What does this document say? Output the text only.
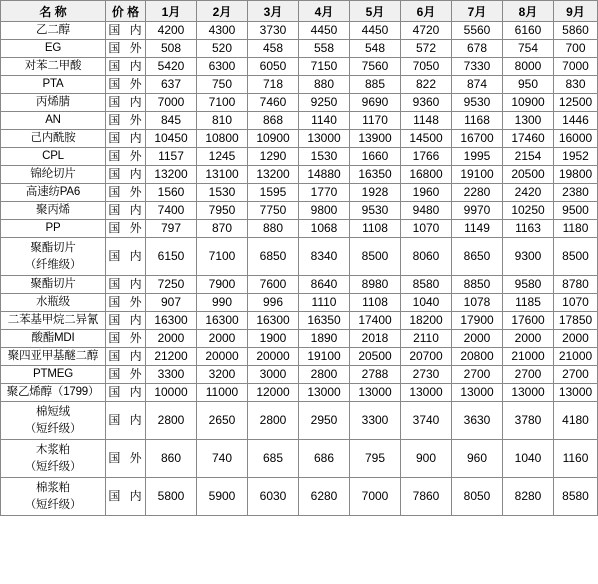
名 称	价 格	1月	2月	3月	4月	5月	6月	7月	8月	9月

乙二醇	国 内	4200	4300	3730	4450	4450	4720	5560	6160	5860

EG	国 外	508	520	458	558	548	572	678	754	700

对苯二甲酸	国 内	5420	6300	6050	7150	7560	7050	7330	8000	7000

PTA	国 外	637	750	718	880	885	822	874	950	830

丙烯腈	国 内	7000	7100	7460	9250	9690	9360	9530	10900	12500

AN	国 外	845	810	868	1140	1170	1148	1168	1300	1446

己内酰胺	国 内	10450	10800	10900	13000	13900	14500	16700	17460	16000

CPL	国 外	1157	1245	1290	1530	1660	1766	1995	2154	1952

锦纶切片	国 内	13200	13100	13200	14880	16350	16800	19100	20500	19800

高速纺PA6	国 外	1560	1530	1595	1770	1928	1960	2280	2420	2380

聚丙烯	国 内	7400	7950	7750	9800	9530	9480	9970	10250	9500

PP	国 外	797	870	880	1068	1108	1070	1149	1163	1180

聚酯切片
（纤维级）	国 内	6150	7100	6850	8340	8500	8060	8650	9300	8500

聚酯切片	国 内	7250	7900	7600	8640	8980	8580	8850	9580	8780

水瓶级	国 外	907	990	996	1110	1108	1040	1078	1185	1070

二苯基甲烷二异氰	国 内	16300	16300	16300	16350	17400	18200	17900	17600	17850

酸酯MDI	国 外	2000	2000	1900	1890	2018	2110	2000	2000	2000

聚四亚甲基醚二醇	国 内	21200	20000	20000	19100	20500	20700	20800	21000	21000

PTMEG	国 外	3300	3200	3000	2800	2788	2730	2700	2700	2700

聚乙烯醇（1799）	国 内	10000	11000	12000	13000	13000	13000	13000	13000	13000

棉短绒
（短纤级）	国 内	2800	2650	2800	2950	3300	3740	3630	3780	4180

木浆粕
（短纤级）	国 外	860	740	685	686	795	900	960	1040	1160

棉浆粕
（短纤级）	国 内	5800	5900	6030	6280	7000	7860	8050	8280	8580
